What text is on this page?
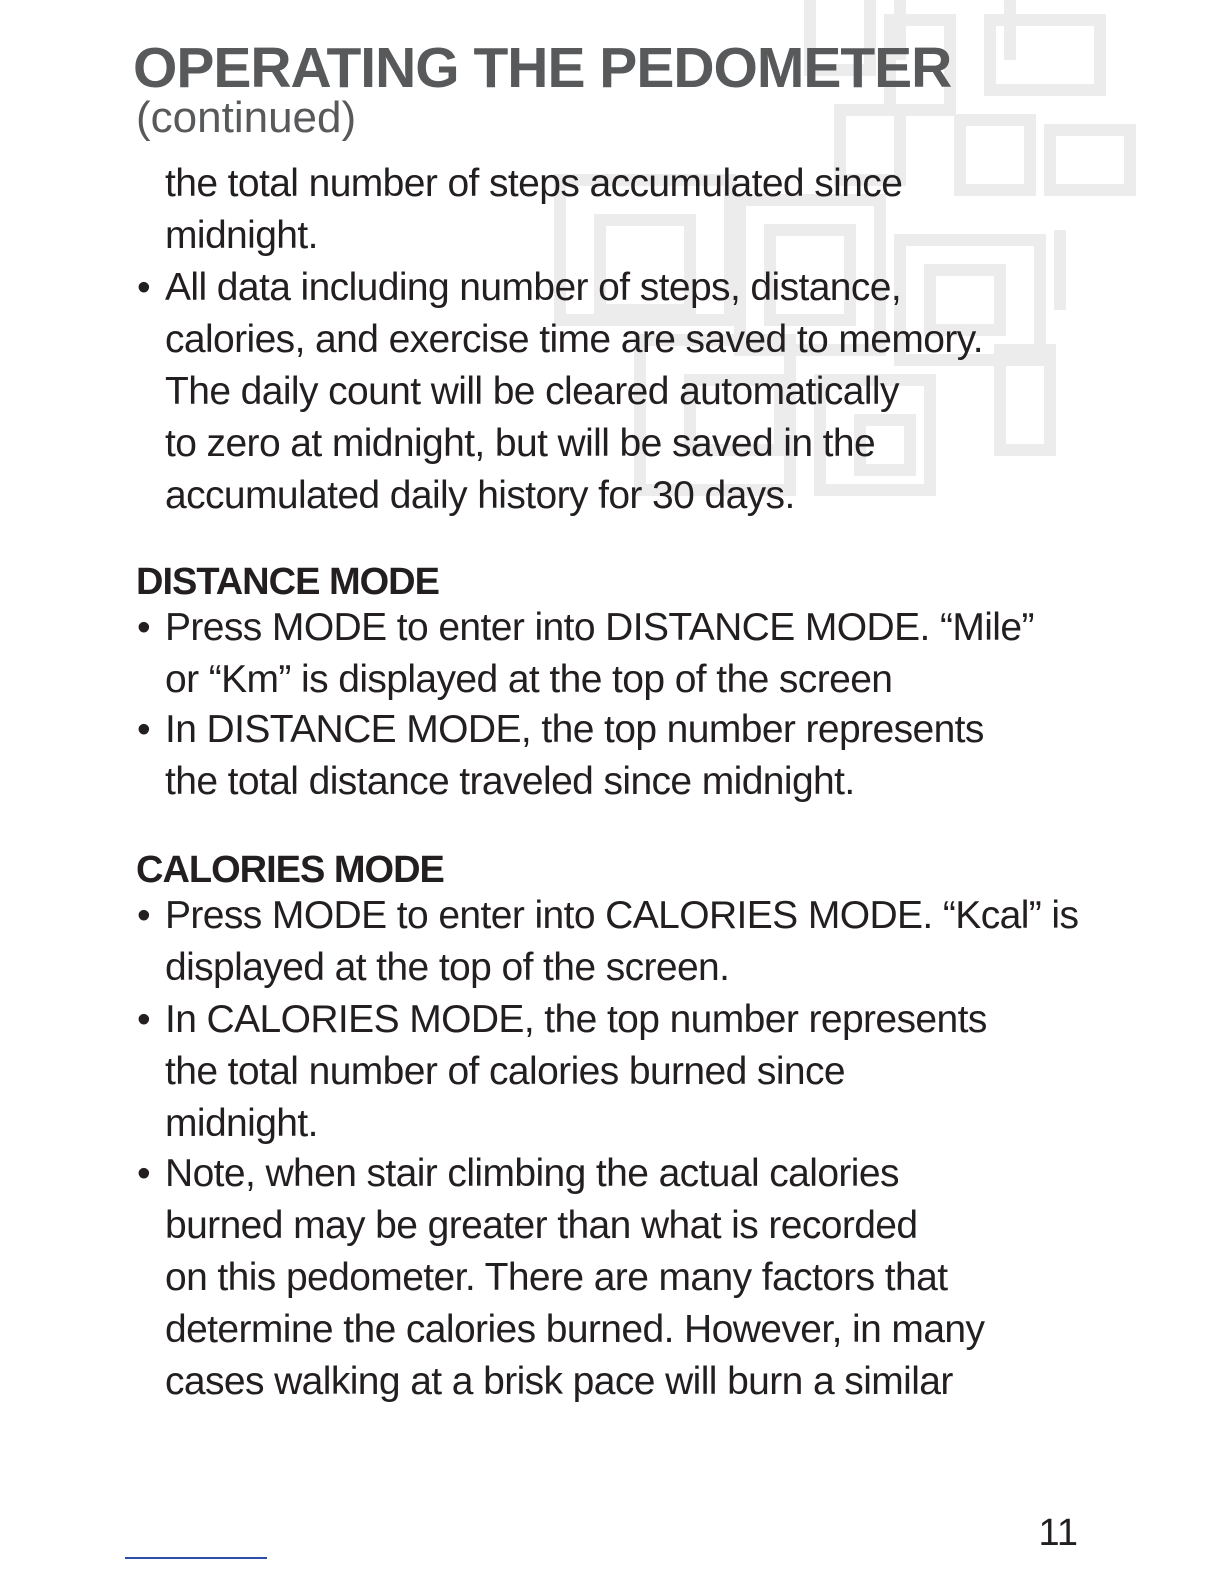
OPERATING THE PEDOMETER
(continued)

the total number of steps accumulated since

midnight.

• All data including number of steps, distance,

calories, and exercise time are saved to memory.

The daily count will be cleared automatically

to zero at midnight, but will be saved in the

accumulated daily history for 30 days.

DISTANCE MODE
• Press MODE to enter into DISTANCE MODE. “Mile”

or “Km” is displayed at the top of the screen

• In DISTANCE MODE, the top number represents

the total distance traveled since midnight.

CALORIES MODE
• Press MODE to enter into CALORIES MODE. “Kcal” is

displayed at the top of the screen.

• In CALORIES MODE, the top number represents

the total number of calories burned since

midnight.

• Note, when stair climbing the actual calories

burned may be greater than what is recorded

on this pedometer. There are many factors that

determine the calories burned. However, in many

cases walking at a brisk pace will burn a similar

11
